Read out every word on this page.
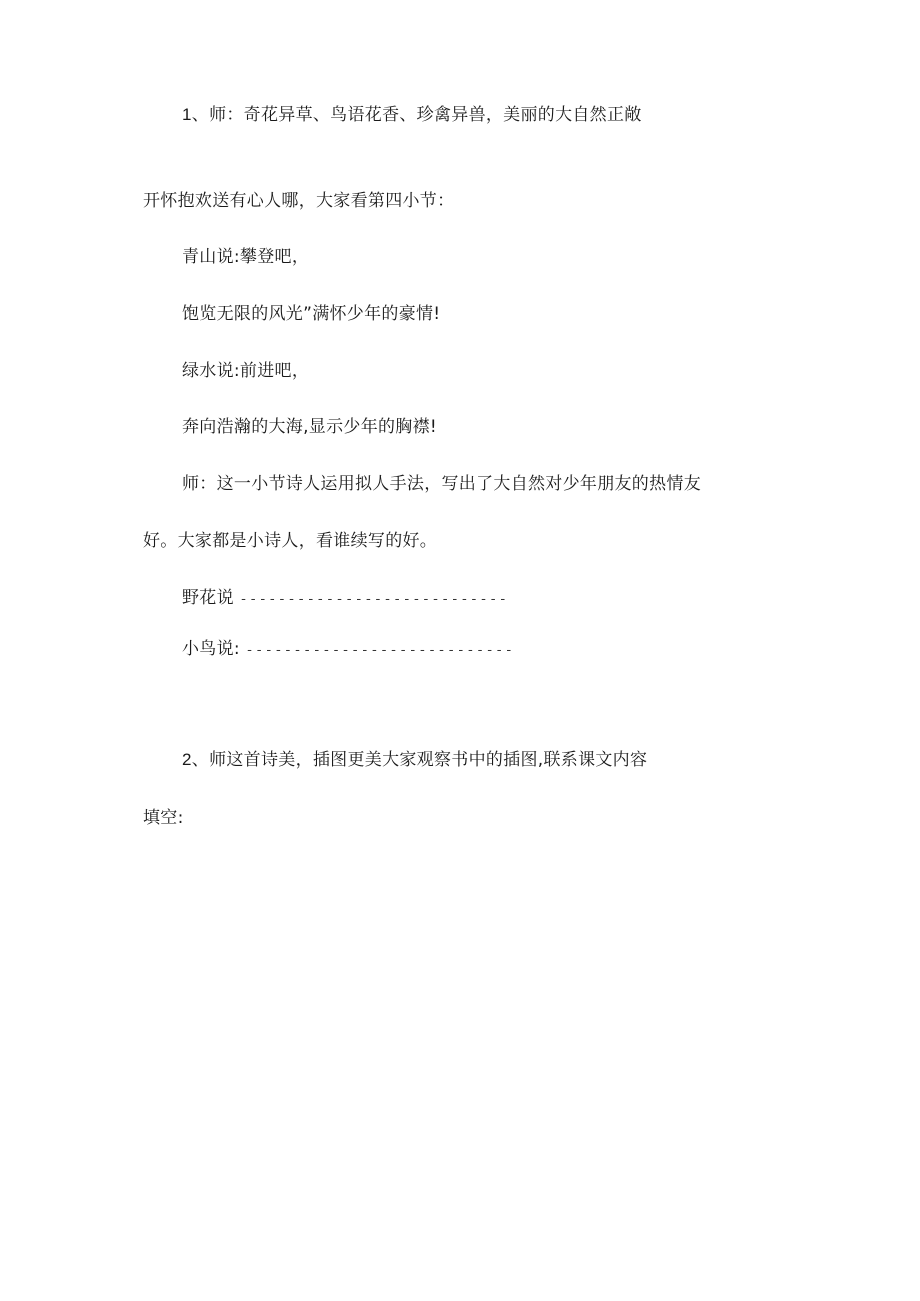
1、师：奇花异草、鸟语花香、珍禽异兽，美丽的大自然正敞
开怀抱欢送有心人哪，大家看第四小节：
青山说:攀登吧，
饱览无限的风光”满怀少年的豪情!
绿水说:前进吧，
奔向浩瀚的大海,显示少年的胸襟!
师：这一小节诗人运用拟人手法，写出了大自然对少年朋友的热情友
好。大家都是小诗人，看谁续写的好。
野花说 ----------------------------
小鸟说: ----------------------------
2、师这首诗美，插图更美大家观察书中的插图,联系课文内容
填空:
